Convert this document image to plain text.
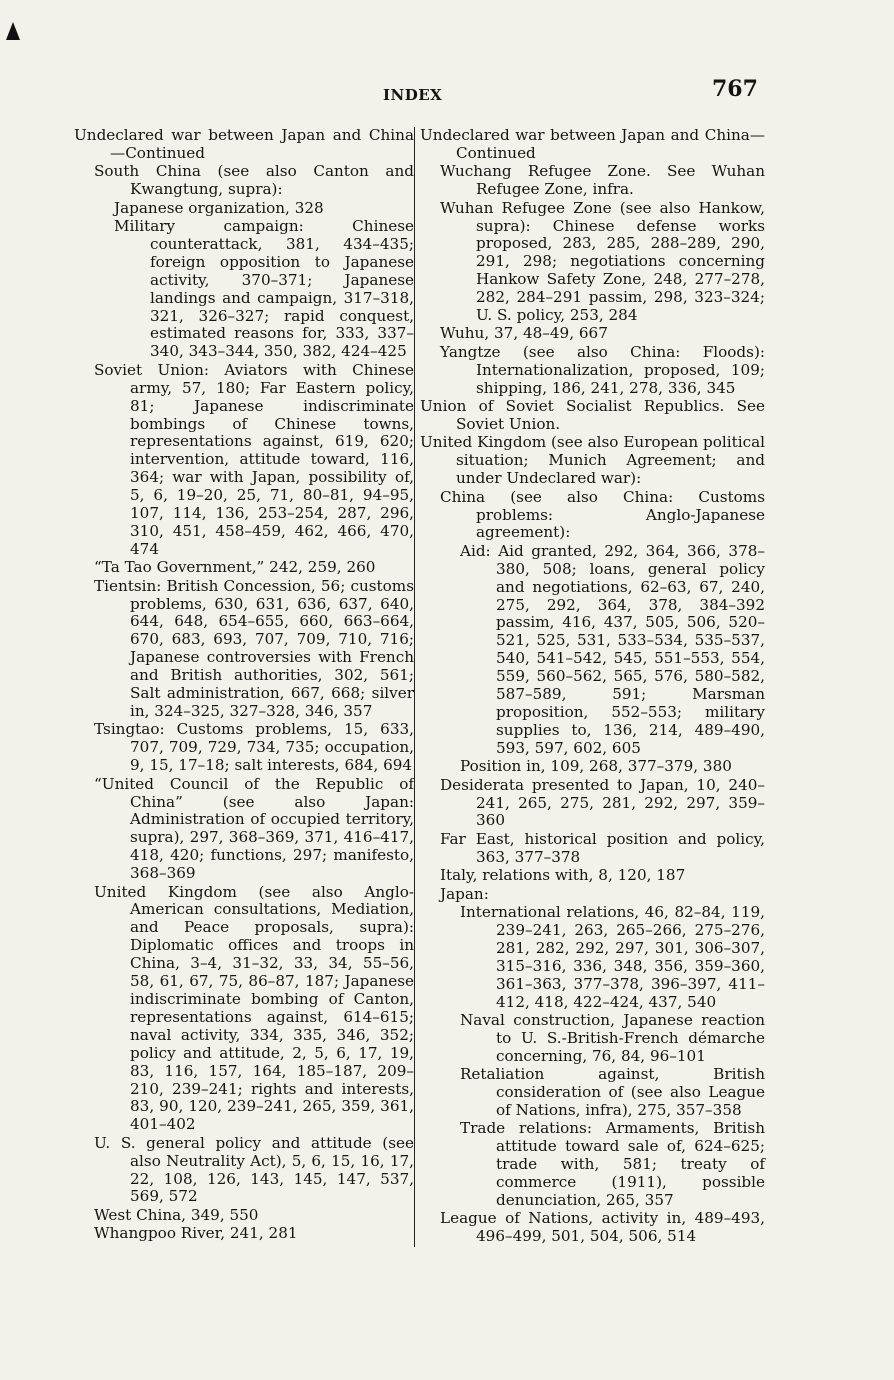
INDEX	767
Undeclared war between Japan and China—Continued
South China (see also Canton and Kwangtung, supra):
Japanese organization, 328
Military campaign: Chinese counterattack, 381, 434–435; foreign opposition to Japanese activity, 370–371; Japanese landings and campaign, 317–318, 321, 326–327; rapid conquest, estimated reasons for, 333, 337–340, 343–344, 350, 382, 424–425
Soviet Union: Aviators with Chinese army, 57, 180; Far Eastern policy, 81; Japanese indiscriminate bombings of Chinese towns, representations against, 619, 620; intervention, attitude toward, 116, 364; war with Japan, possibility of, 5, 6, 19–20, 25, 71, 80–81, 94–95, 107, 114, 136, 253–254, 287, 296, 310, 451, 458–459, 462, 466, 470, 474
“Ta Tao Government,” 242, 259, 260
Tientsin: British Concession, 56; customs problems, 630, 631, 636, 637, 640, 644, 648, 654–655, 660, 663–664, 670, 683, 693, 707, 709, 710, 716; Japanese controversies with French and British authorities, 302, 561; Salt administration, 667, 668; silver in, 324–325, 327–328, 346, 357
Tsingtao: Customs problems, 15, 633, 707, 709, 729, 734, 735; occupation, 9, 15, 17–18; salt interests, 684, 694
“United Council of the Republic of China” (see also Japan: Administration of occupied territory, supra), 297, 368–369, 371, 416–417, 418, 420; functions, 297; manifesto, 368–369
United Kingdom (see also Anglo-American consultations, Mediation, and Peace proposals, supra): Diplomatic offices and troops in China, 3–4, 31–32, 33, 34, 55–56, 58, 61, 67, 75, 86–87, 187; Japanese indiscriminate bombing of Canton, representations against, 614–615; naval activity, 334, 335, 346, 352; policy and attitude, 2, 5, 6, 17, 19, 83, 116, 157, 164, 185–187, 209–210, 239–241; rights and interests, 83, 90, 120, 239–241, 265, 359, 361, 401–402
U. S. general policy and attitude (see also Neutrality Act), 5, 6, 15, 16, 17, 22, 108, 126, 143, 145, 147, 537, 569, 572
West China, 349, 550
Whangpoo River, 241, 281
Undeclared war between Japan and China—Continued
Wuchang Refugee Zone. See Wuhan Refugee Zone, infra.
Wuhan Refugee Zone (see also Hankow, supra): Chinese defense works proposed, 283, 285, 288–289, 290, 291, 298; negotiations concerning Hankow Safety Zone, 248, 277–278, 282, 284–291 passim, 298, 323–324; U. S. policy, 253, 284
Wuhu, 37, 48–49, 667
Yangtze (see also China: Floods): Internationalization, proposed, 109; shipping, 186, 241, 278, 336, 345
Union of Soviet Socialist Republics. See Soviet Union.
United Kingdom (see also European political situation; Munich Agreement; and under Undeclared war):
China (see also China: Customs problems: Anglo-Japanese agreement):
Aid: Aid granted, 292, 364, 366, 378–380, 508; loans, general policy and negotiations, 62–63, 67, 240, 275, 292, 364, 378, 384–392 passim, 416, 437, 505, 506, 520–521, 525, 531, 533–534, 535–537, 540, 541–542, 545, 551–553, 554, 559, 560–562, 565, 576, 580–582, 587–589, 591; Marsman proposition, 552–553; military supplies to, 136, 214, 489–490, 593, 597, 602, 605
Position in, 109, 268, 377–379, 380
Desiderata presented to Japan, 10, 240–241, 265, 275, 281, 292, 297, 359–360
Far East, historical position and policy, 363, 377–378
Italy, relations with, 8, 120, 187
Japan:
International relations, 46, 82–84, 119, 239–241, 263, 265–266, 275–276, 281, 282, 292, 297, 301, 306–307, 315–316, 336, 348, 356, 359–360, 361–363, 377–378, 396–397, 411–412, 418, 422–424, 437, 540
Naval construction, Japanese reaction to U. S.-British-French démarche concerning, 76, 84, 96–101
Retaliation against, British consideration of (see also League of Nations, infra), 275, 357–358
Trade relations: Armaments, British attitude toward sale of, 624–625; trade with, 581; treaty of commerce (1911), possible denunciation, 265, 357
League of Nations, activity in, 489–493, 496–499, 501, 504, 506, 514
